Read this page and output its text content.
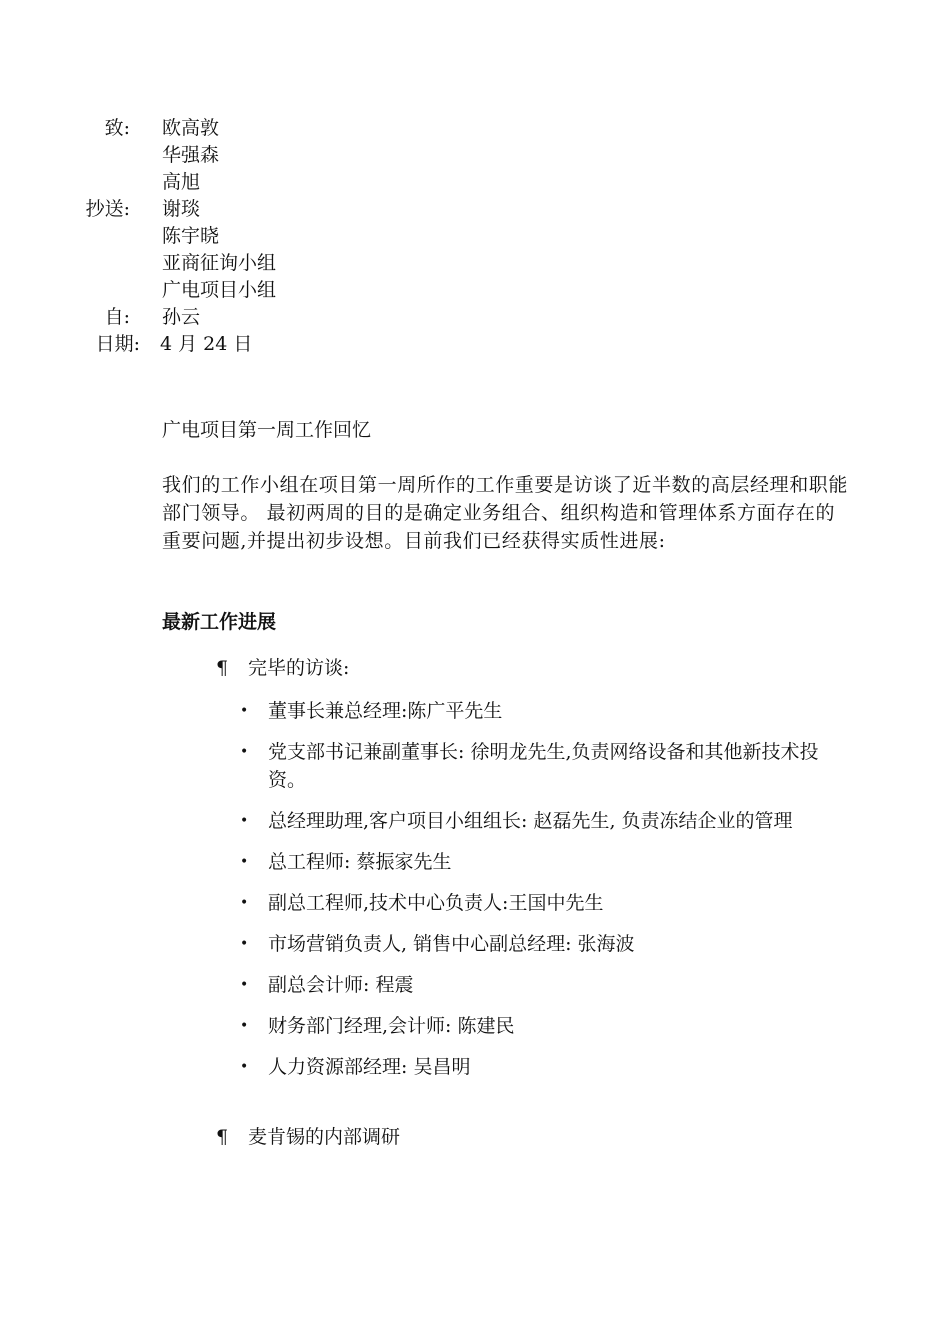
致: 欧高敦
华强森
高旭
抄送: 谢琰
陈宇晓
亚商征询小组
广电项目小组
自: 孙云
日期: 4 月 24 日
广电项目第一周工作回忆
我们的工作小组在项目第一周所作的工作重要是访谈了近半数的高层经理和职能部门领导。 最初两周的目的是确定业务组合、组织构造和管理体系方面存在的重要问题,并提出初步设想。目前我们已经获得实质性进展:
最新工作进展
¶ 完毕的访谈:
• 董事长兼总经理:陈广平先生
• 党支部书记兼副董事长: 徐明龙先生,负责网络设备和其他新技术投资。
• 总经理助理,客户项目小组组长: 赵磊先生, 负责冻结企业的管理
• 总工程师: 蔡振家先生
• 副总工程师,技术中心负责人:王国中先生
• 市场营销负责人, 销售中心副总经理: 张海波
• 副总会计师: 程震
• 财务部门经理,会计师: 陈建民
• 人力资源部经理: 吴昌明
¶ 麦肯锡的内部调研
